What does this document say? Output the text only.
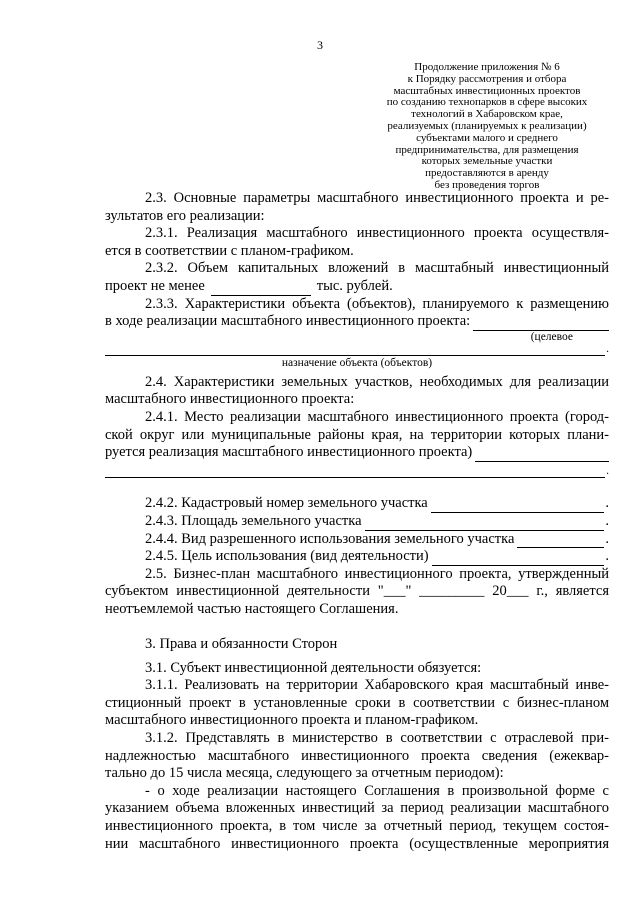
3
Продолжение приложения № 6
к Порядку рассмотрения и отбора
масштабных инвестиционных проектов
по созданию технопарков в сфере высоких
технологий в Хабаровском крае,
реализуемых (планируемых к реализации)
субъектами малого и среднего
предпринимательства, для размещения
которых земельные участки
предоставляются в аренду
без проведения торгов

2.3. Основные параметры масштабного инвестиционного проекта и ре-

зультатов его реализации:

2.3.1. Реализация масштабного инвестиционного проекта осуществля-

ется в соответствии с планом-графиком.

2.3.2. Объем капитальных вложений в масштабный инвестиционный

проект не менее	тыс. рублей.

2.3.3. Характеристики объекта (объектов), планируемого к размещению

в ходе реализации масштабного инвестиционного проекта:
(целевое
.
назначение объекта (объектов)

2.4. Характеристики земельных участков, необходимых для реализации

масштабного инвестиционного проекта:

2.4.1. Место реализации масштабного инвестиционного проекта (город-

ской округ или муниципальные районы края, на территории которых плани-

руется реализация масштабного инвестиционного проекта)
.
2.4.2. Кадастровый номер земельного участка	.
2.4.3. Площадь земельного участка	.
2.4.4. Вид разрешенного использования земельного участка	.
2.4.5. Цель использования (вид деятельности)	.

2.5. Бизнес-план масштабного инвестиционного проекта, утвержденный

субъектом инвестиционной деятельности "___" _________ 20___ г., является

неотъемлемой частью настоящего Соглашения.

3. Права и обязанности Сторон

3.1. Субъект инвестиционной деятельности обязуется:

3.1.1. Реализовать на территории Хабаровского края масштабный инве-

стиционный проект в установленные сроки в соответствии с бизнес-планом

масштабного инвестиционного проекта и планом-графиком.

3.1.2. Представлять в министерство в соответствии с отраслевой при-

надлежностью масштабного инвестиционного проекта сведения (ежеквар-

тально до 15 числа месяца, следующего за отчетным периодом):

- о ходе реализации настоящего Соглашения в произвольной форме с

указанием объема вложенных инвестиций за период реализации масштабного

инвестиционного проекта, в том числе за отчетный период, текущем состоя-

нии масштабного инвестиционного проекта (осуществленные мероприятия
